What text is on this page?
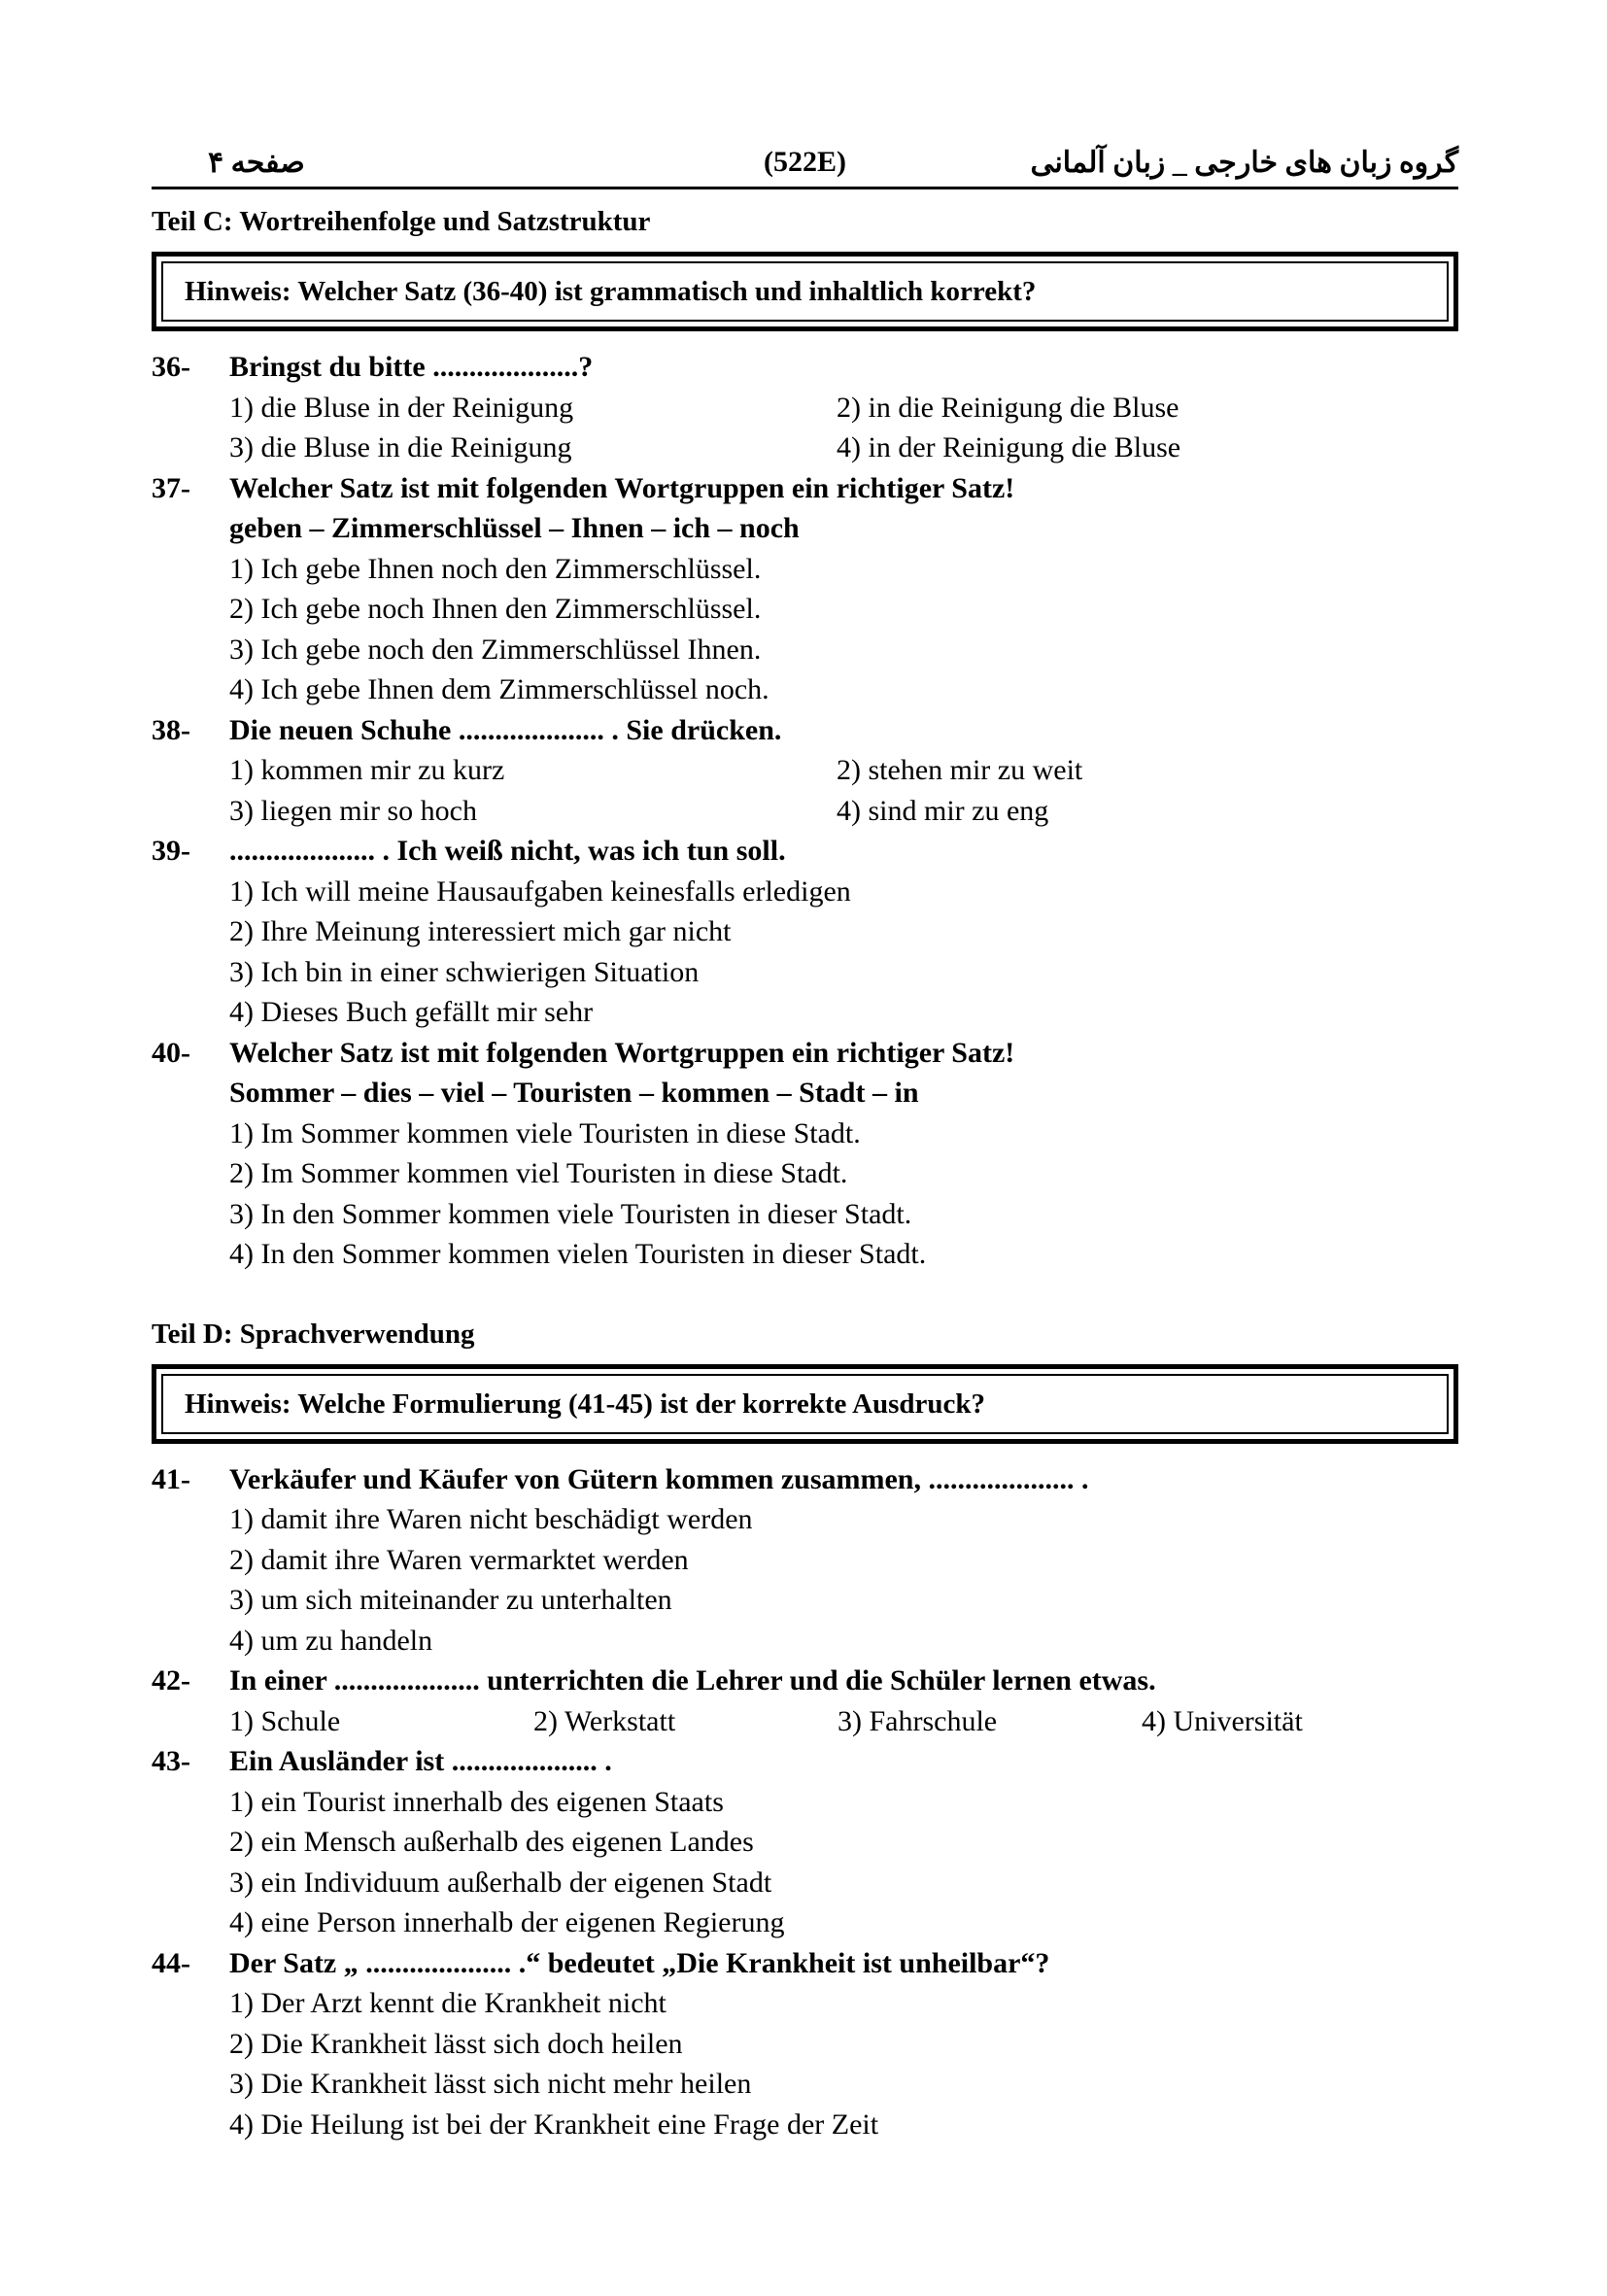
صفحه ۴	(522E)	گروه زبان های خارجی _ زبان آلمانی
Teil C: Wortreihenfolge und Satzstruktur
Hinweis: Welcher Satz (36-40) ist grammatisch und inhaltlich korrekt?
36-	Bringst du bitte ....................?
1) die Bluse in der Reinigung	2) in die Reinigung die Bluse
3) die Bluse in die Reinigung	4) in der Reinigung die Bluse
37-	Welcher Satz ist mit folgenden Wortgruppen ein richtiger Satz!
geben – Zimmerschlüssel – Ihnen – ich – noch
1) Ich gebe Ihnen noch den Zimmerschlüssel.
2) Ich gebe noch Ihnen den Zimmerschlüssel.
3) Ich gebe noch den Zimmerschlüssel Ihnen.
4) Ich gebe Ihnen dem Zimmerschlüssel noch.
38-	Die neuen Schuhe .................... . Sie drücken.
1) kommen mir zu kurz	2) stehen mir zu weit
3) liegen mir so hoch	4) sind mir zu eng
39-	.................... . Ich weiß nicht, was ich tun soll.
1) Ich will meine Hausaufgaben keinesfalls erledigen
2) Ihre Meinung interessiert mich gar nicht
3) Ich bin in einer schwierigen Situation
4) Dieses Buch gefällt mir sehr
40-	Welcher Satz ist mit folgenden Wortgruppen ein richtiger Satz!
Sommer – dies – viel – Touristen – kommen – Stadt – in
1) Im Sommer kommen viele Touristen in diese Stadt.
2) Im Sommer kommen viel Touristen in diese Stadt.
3) In den Sommer kommen viele Touristen in dieser Stadt.
4) In den Sommer kommen vielen Touristen in dieser Stadt.
Teil D: Sprachverwendung
Hinweis: Welche Formulierung (41-45) ist der korrekte Ausdruck?
41-	Verkäufer und Käufer von Gütern kommen zusammen, .................... .
1) damit ihre Waren nicht beschädigt werden
2) damit ihre Waren vermarktet werden
3) um sich miteinander zu unterhalten
4) um zu handeln
42-	In einer .................... unterrichten die Lehrer und die Schüler lernen etwas.
1) Schule	2) Werkstatt	3) Fahrschule	4) Universität
43-	Ein Ausländer ist .................... .
1) ein Tourist innerhalb des eigenen Staats
2) ein Mensch außerhalb des eigenen Landes
3) ein Individuum außerhalb der eigenen Stadt
4) eine Person innerhalb der eigenen Regierung
44-	Der Satz „ .................... .“ bedeutet „Die Krankheit ist unheilbar“?
1) Der Arzt kennt die Krankheit nicht
2) Die Krankheit lässt sich doch heilen
3) Die Krankheit lässt sich nicht mehr heilen
4) Die Heilung ist bei der Krankheit eine Frage der Zeit
